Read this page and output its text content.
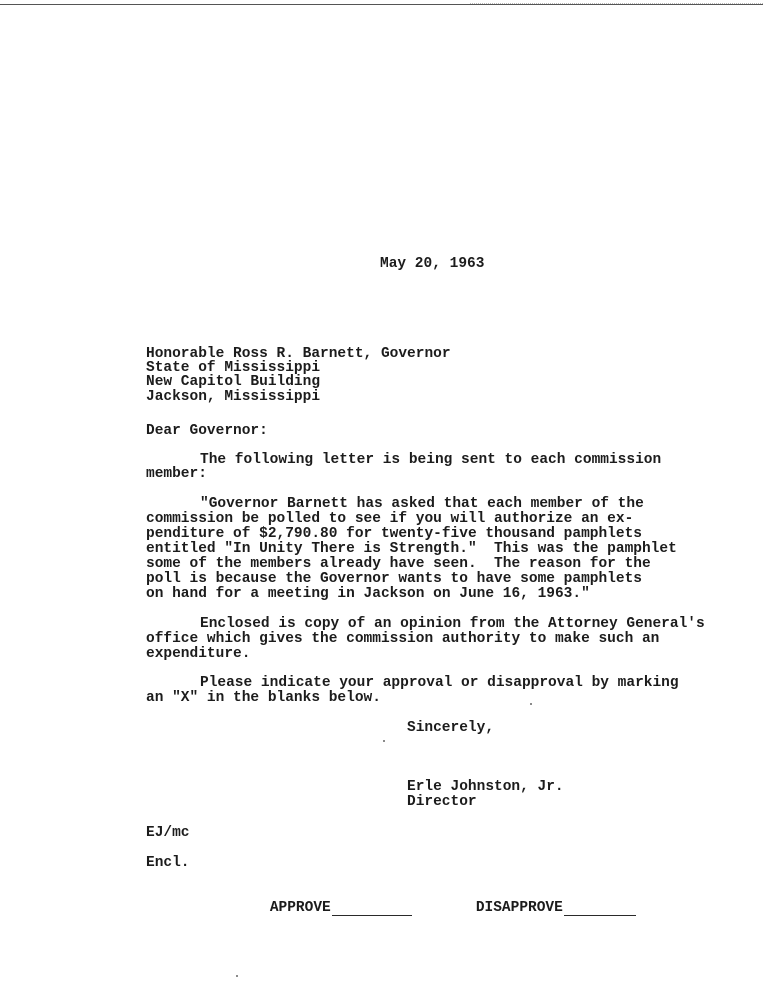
May 20, 1963

Honorable Ross R. Barnett, Governor

State of Mississippi

New Capitol Building

Jackson, Mississippi

Dear Governor:

The following letter is being sent to each commission

member:

"Governor Barnett has asked that each member of the

commission be polled to see if you will authorize an ex-

penditure of $2,790.80 for twenty-five thousand pamphlets

entitled "In Unity There is Strength."  This was the pamphlet

some of the members already have seen.  The reason for the

poll is because the Governor wants to have some pamphlets

on hand for a meeting in Jackson on June 16, 1963."

Enclosed is copy of an opinion from the Attorney General's

office which gives the commission authority to make such an

expenditure.

Please indicate your approval or disapproval by marking

an "X" in the blanks below.

Sincerely,

Erle Johnston, Jr.

Director

EJ/mc

Encl.

APPROVE
	DISAPPROVE
